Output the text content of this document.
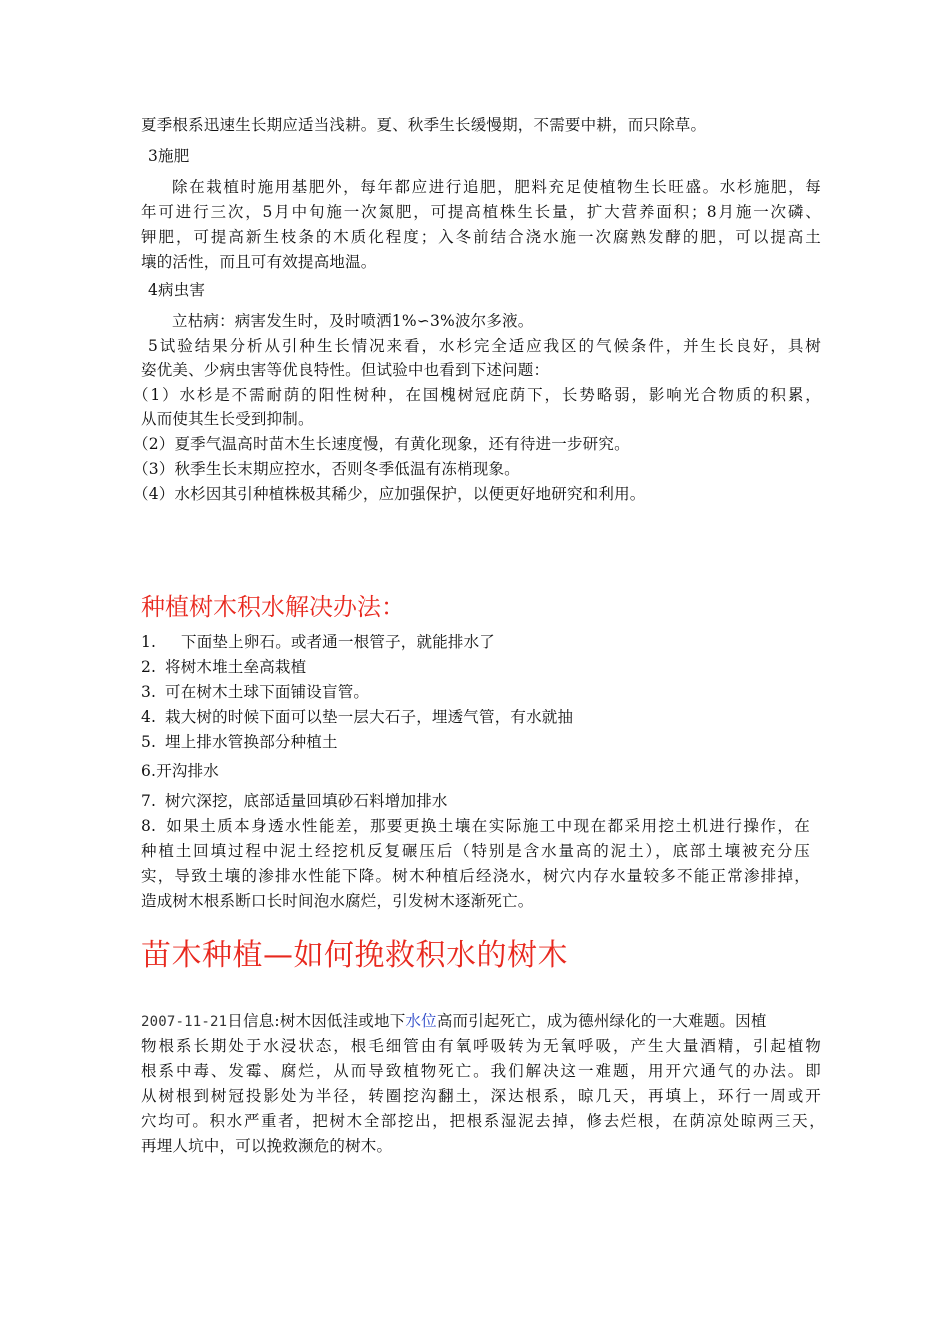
夏季根系迅速生长期应适当浅耕。夏、秋季生长缓慢期，不需要中耕，而只除草。
3施肥
除在栽植时施用基肥外，每年都应进行追肥，肥料充足使植物生长旺盛。水杉施肥，每
年可进行三次，5月中旬施一次氮肥，可提高植株生长量，扩大营养面积；8月施一次磷、
钾肥，可提高新生枝条的木质化程度；入冬前结合浇水施一次腐熟发酵的肥，可以提高土
壤的活性，而且可有效提高地温。
4病虫害
立枯病：病害发生时，及时喷洒1%∽3%波尔多液。
5试验结果分析从引种生长情况来看，水杉完全适应我区的气候条件，并生长良好，具树
姿优美、少病虫害等优良特性。但试验中也看到下述问题：
（1）水杉是不需耐荫的阳性树种，在国槐树冠庇荫下，长势略弱，影响光合物质的积累，
从而使其生长受到抑制。
（2）夏季气温高时苗木生长速度慢，有黄化现象，还有待进一步研究。
（3）秋季生长末期应控水，否则冬季低温有冻梢现象。
（4）水杉因其引种植株极其稀少，应加强保护，以便更好地研究和利用。
种植树木积水解决办法：
1. 下面垫上卵石。或者通一根管子，就能排水了
2. 将树木堆土垒高栽植
3. 可在树木土球下面铺设盲管。
4. 栽大树的时候下面可以垫一层大石子，埋透气管，有水就抽
5. 埋上排水管换部分种植土
6.开沟排水
7. 树穴深挖，底部适量回填砂石料增加排水
8. 如果土质本身透水性能差，那要更换土壤在实际施工中现在都采用挖土机进行操作，在
种植土回填过程中泥土经挖机反复碾压后（特别是含水量高的泥土），底部土壤被充分压
实，导致土壤的渗排水性能下降。树木种植后经浇水，树穴内存水量较多不能正常渗排掉，
造成树木根系断口长时间泡水腐烂，引发树木逐渐死亡。
苗木种植—如何挽救积水的树木
2007-11-21日信息:树木因低洼或地下水位高而引起死亡，成为德州绿化的一大难题。因植
物根系长期处于水浸状态，根毛细管由有氧呼吸转为无氧呼吸，产生大量酒精，引起植物
根系中毒、发霉、腐烂，从而导致植物死亡。我们解决这一难题，用开穴通气的办法。即
从树根到树冠投影处为半径，转圈挖沟翻土，深达根系，晾几天，再填上，环行一周或开
穴均可。积水严重者，把树木全部挖出，把根系湿泥去掉，修去烂根，在荫凉处晾两三天，
再埋人坑中，可以挽救濒危的树木。
